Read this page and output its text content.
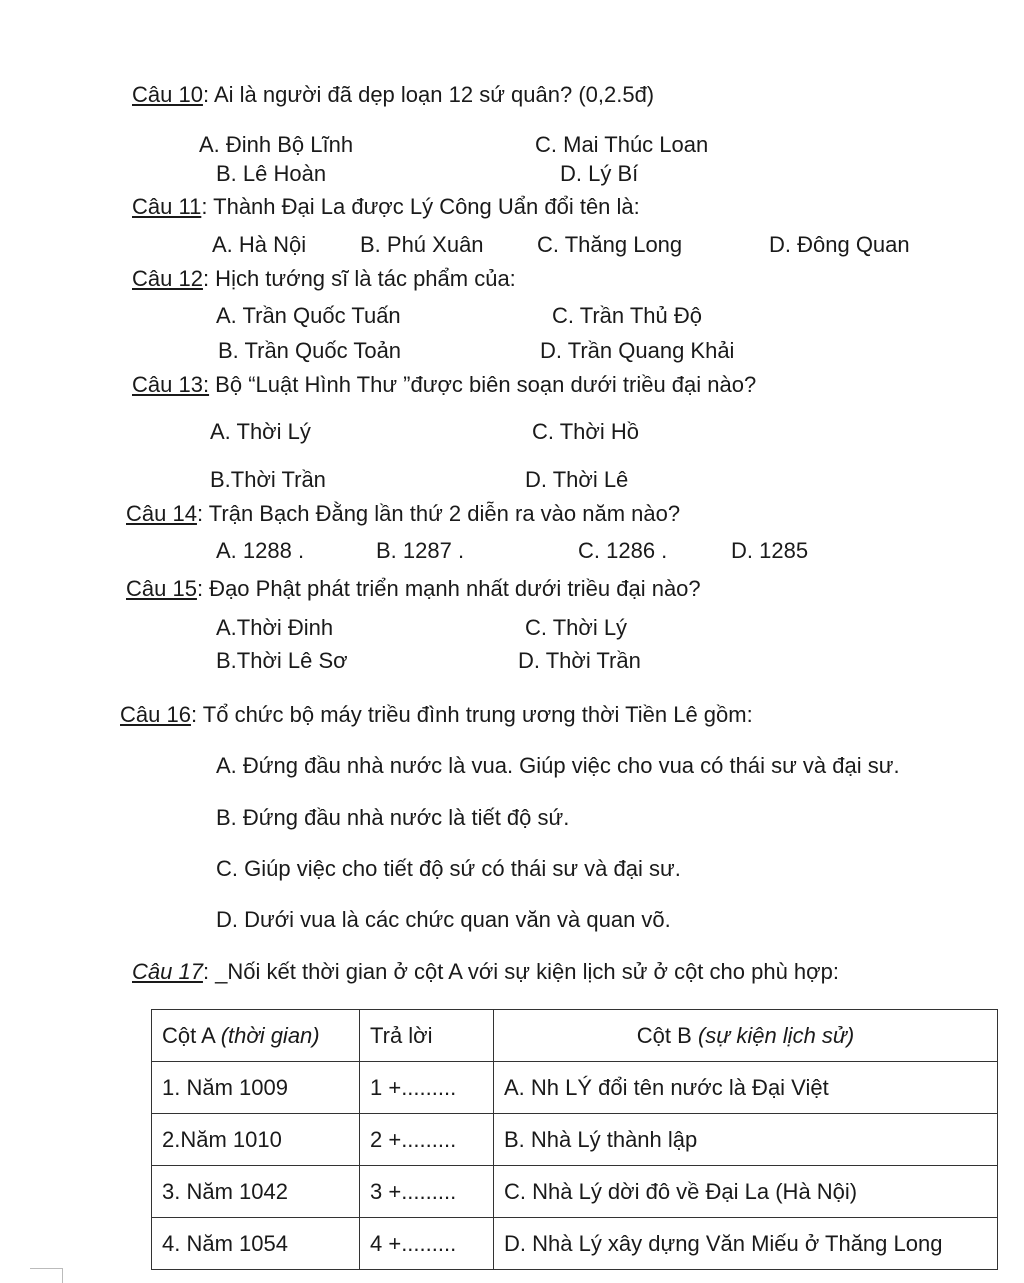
Câu 10: Ai là người đã dẹp loạn 12 sứ quân? (0,2.5đ)
A. Đinh Bộ Lĩnh	C. Mai Thúc Loan
B. Lê Hoàn	D. Lý Bí
Câu 11: Thành Đại La được Lý Công Uẩn đổi tên là:
A. Hà Nội B. Phú Xuân C. Thăng Long	D. Đông Quan
Câu 12: Hịch tướng sĩ là tác phẩm của:
A. Trần Quốc Tuấn	C. Trần Thủ Độ
B. Trần Quốc Toản	D. Trần Quang Khải
Câu 13: Bộ “Luật Hình Thư ”được biên soạn dưới triều đại nào?
A. Thời Lý	C. Thời Hồ
B.Thời Trần	D. Thời Lê
Câu 14: Trận Bạch Đằng lần thứ 2 diễn ra vào năm nào?
A. 1288 .	B. 1287 .	C. 1286 .	D. 1285
Câu 15: Đạo Phật phát triển mạnh nhất dưới triều đại nào?
A.Thời Đinh	C. Thời Lý
B.Thời Lê Sơ	D. Thời Trần
Câu 16: Tổ chức bộ máy triều đình trung ương thời Tiền Lê gồm:
A. Đứng đầu nhà nước là vua. Giúp việc cho vua có thái sư và đại sư.
B. Đứng đầu nhà nước là tiết độ sứ.
C. Giúp việc cho tiết độ sứ có thái sư và đại sư.
D. Dưới vua là các chức quan văn và quan võ.
Câu 17: _Nối kết thời gian ở cột A với sự kiện lịch sử ở cột cho phù hợp:
Cột A (thời gian)	Trả lời	Cột B (sự kiện lịch sử)
1. Năm 1009	1 +.........	A. Nh LÝ đổi tên nước là Đại Việt
2.Năm 1010	2 +.........	B. Nhà Lý thành lập
3. Năm 1042	3 +.........	C. Nhà Lý dời đô về Đại La (Hà Nội)
4. Năm 1054	4 +.........	D. Nhà Lý xây dựng Văn Miếu ở Thăng Long
